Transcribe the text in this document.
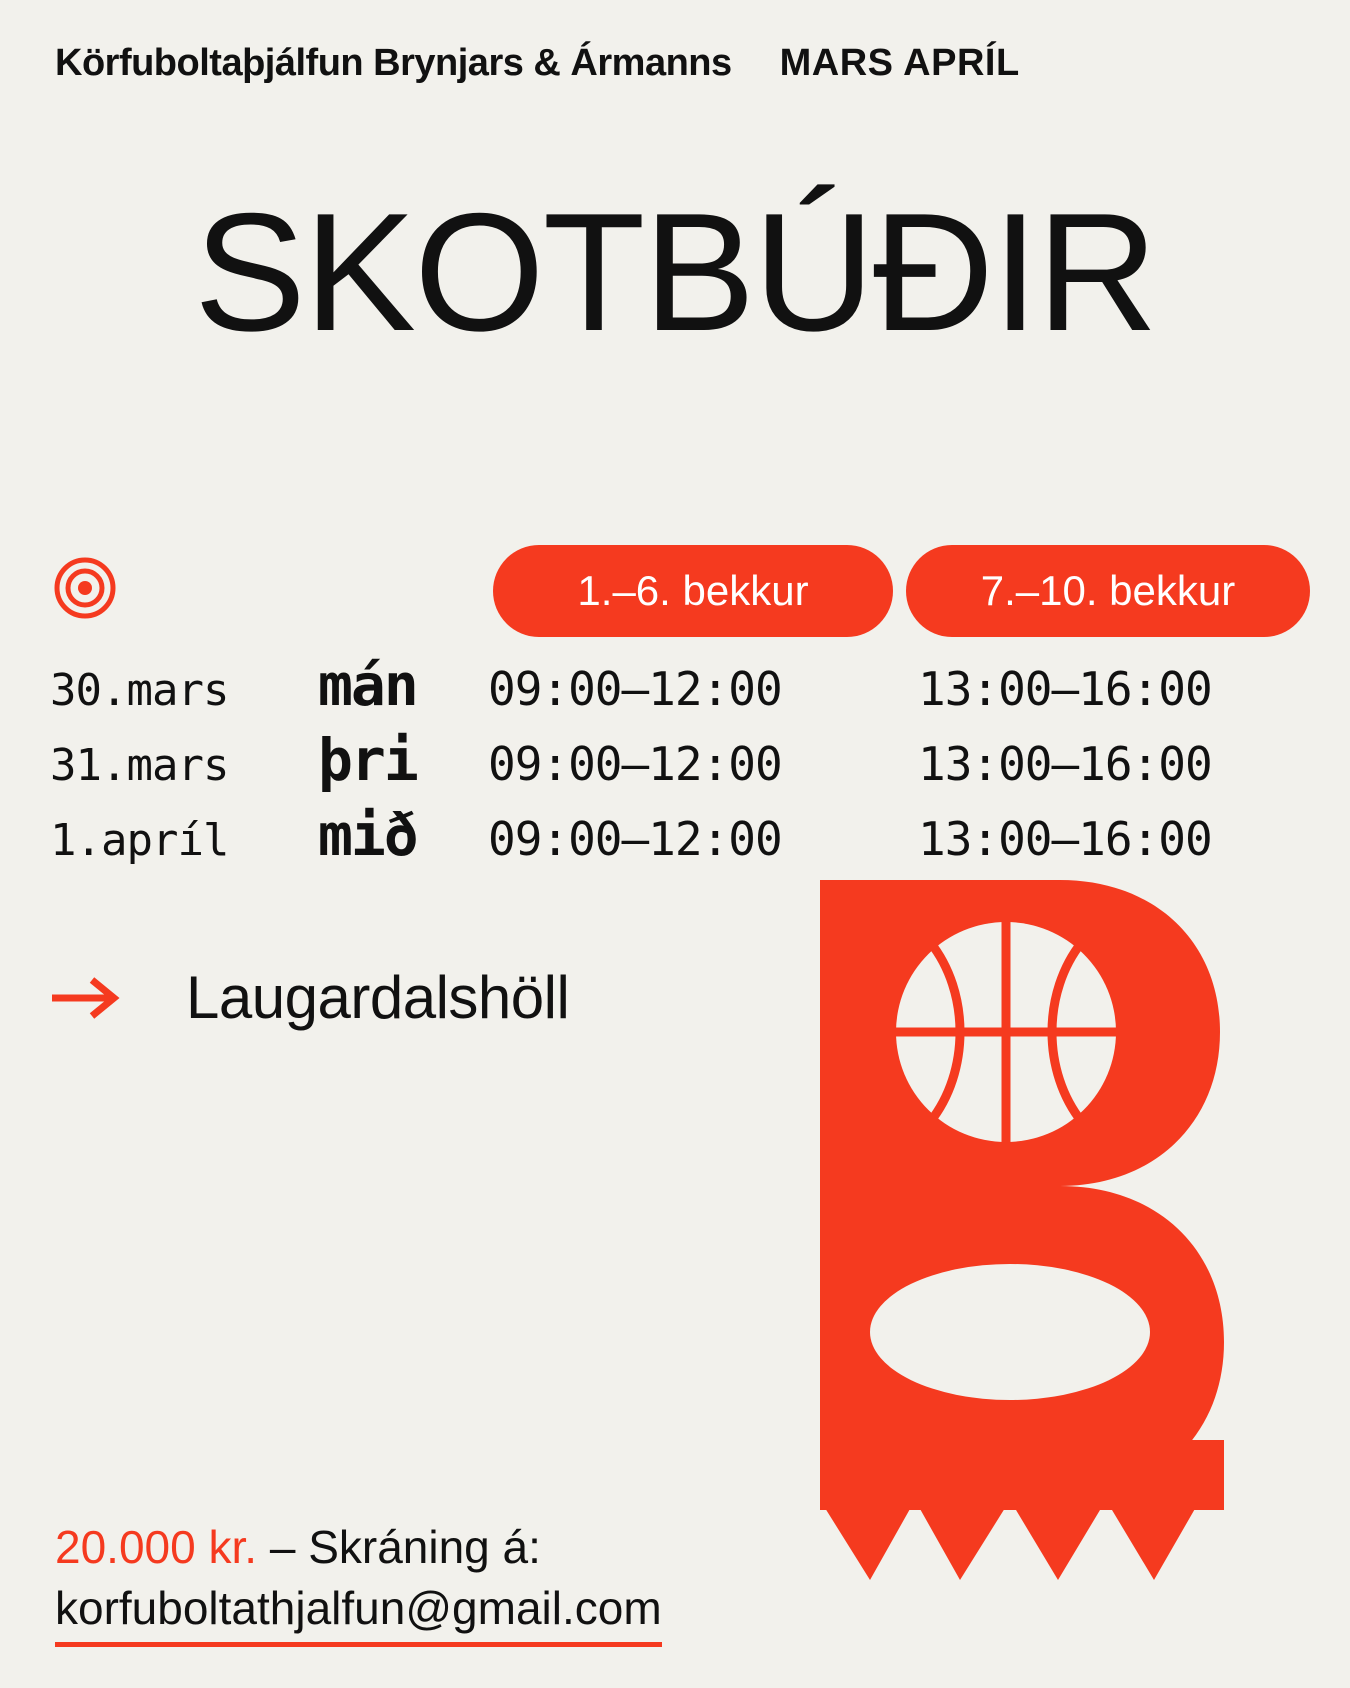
Körfuboltaþjálfun Brynjars & Ármanns MARS APRÍL
SKOTBÚÐIR
1.–6. bekkur	7.–10. bekkur
30.mars	mán	09:00–12:00	13:00–16:00
31.mars	þri	09:00–12:00	13:00–16:00
1.apríl	mið	09:00–12:00	13:00–16:00
Laugardalshöll
20.000 kr. – Skráning á:
korfuboltathjalfun@gmail.com
